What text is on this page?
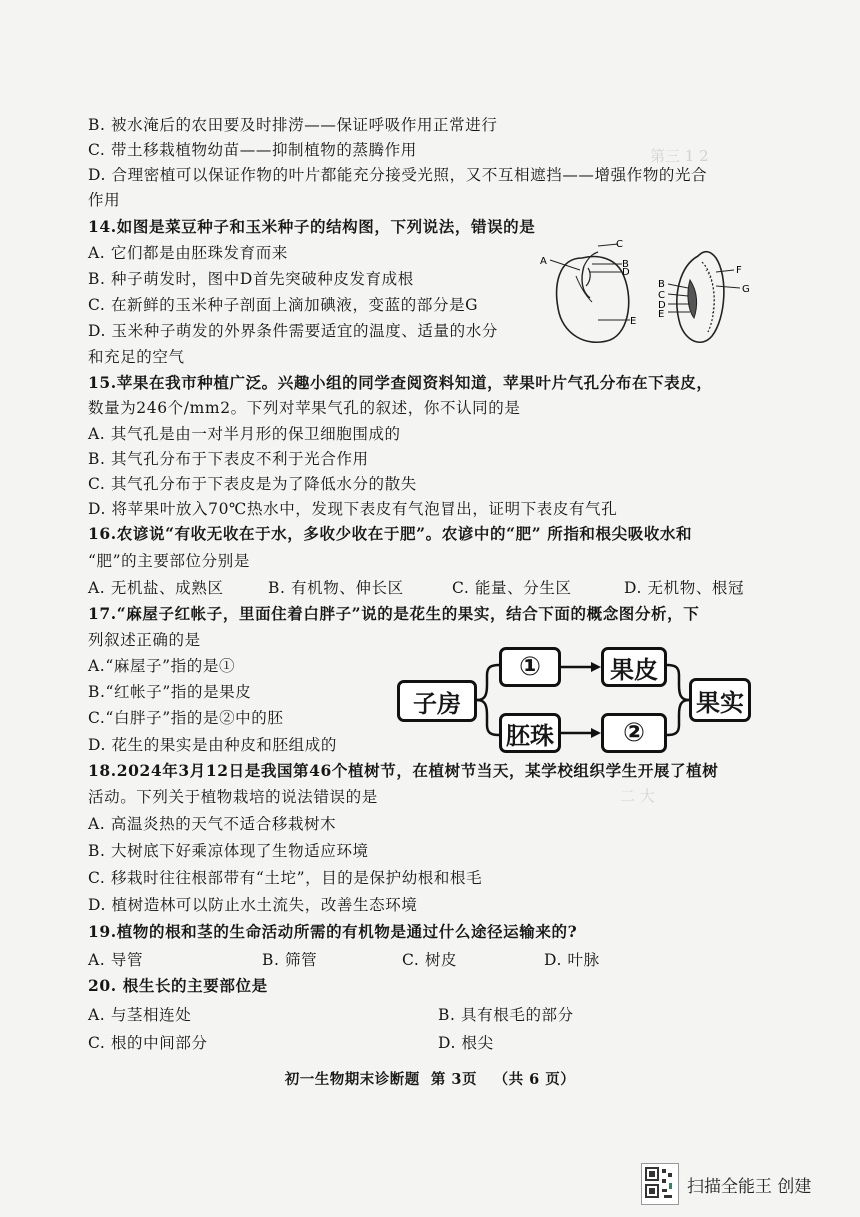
第三 1 2
二 大
B. 被水淹后的农田要及时排涝——保证呼吸作用正常进行
C. 带土移栽植物幼苗——抑制植物的蒸腾作用
D. 合理密植可以保证作物的叶片都能充分接受光照，又不互相遮挡——增强作物的光合
作用
14.如图是菜豆种子和玉米种子的结构图，下列说法，错误的是
A. 它们都是由胚珠发育而来
B. 种子萌发时，图中D首先突破种皮发育成根
C. 在新鲜的玉米种子剖面上滴加碘液，变蓝的部分是G
D. 玉米种子萌发的外界条件需要适宜的温度、适量的水分
和充足的空气
A	B
C
D
E
B
C
D
E
F
G
15.苹果在我市种植广泛。兴趣小组的同学查阅资料知道，苹果叶片气孔分布在下表皮，
数量为246个/mm2。下列对苹果气孔的叙述，你不认同的是
A. 其气孔是由一对半月形的保卫细胞围成的
B. 其气孔分布于下表皮不利于光合作用
C. 其气孔分布于下表皮是为了降低水分的散失
D. 将苹果叶放入70℃热水中，发现下表皮有气泡冒出，证明下表皮有气孔
16.农谚说“有收无收在于水，多收少收在于肥”。农谚中的“肥” 所指和根尖吸收水和
“肥”的主要部位分别是
A. 无机盐、成熟区	B. 有机物、伸长区	C. 能量、分生区	D. 无机物、根冠
17.“麻屋子红帐子，里面住着白胖子”说的是花生的果实，结合下面的概念图分析，下
列叙述正确的是
A.“麻屋子”指的是①
B.“红帐子”指的是果皮
C.“白胖子”指的是②中的胚
D. 花生的果实是由种皮和胚组成的
子房
①	果皮
胚珠	②
果实
18.2024年3月12日是我国第46个植树节，在植树节当天，某学校组织学生开展了植树
活动。下列关于植物栽培的说法错误的是
A. 高温炎热的天气不适合移栽树木
B. 大树底下好乘凉体现了生物适应环境
C. 移栽时往往根部带有“土坨”，目的是保护幼根和根毛
D. 植树造林可以防止水土流失，改善生态环境
19.植物的根和茎的生命活动所需的有机物是通过什么途径运输来的?
A. 导管	B. 筛管	C. 树皮	D. 叶脉
20. 根生长的主要部位是
A. 与茎相连处	B. 具有根毛的部分
C. 根的中间部分	D. 根尖
初一生物期末诊断题 第 3页 （共 6 页）
扫描全能王 创建
